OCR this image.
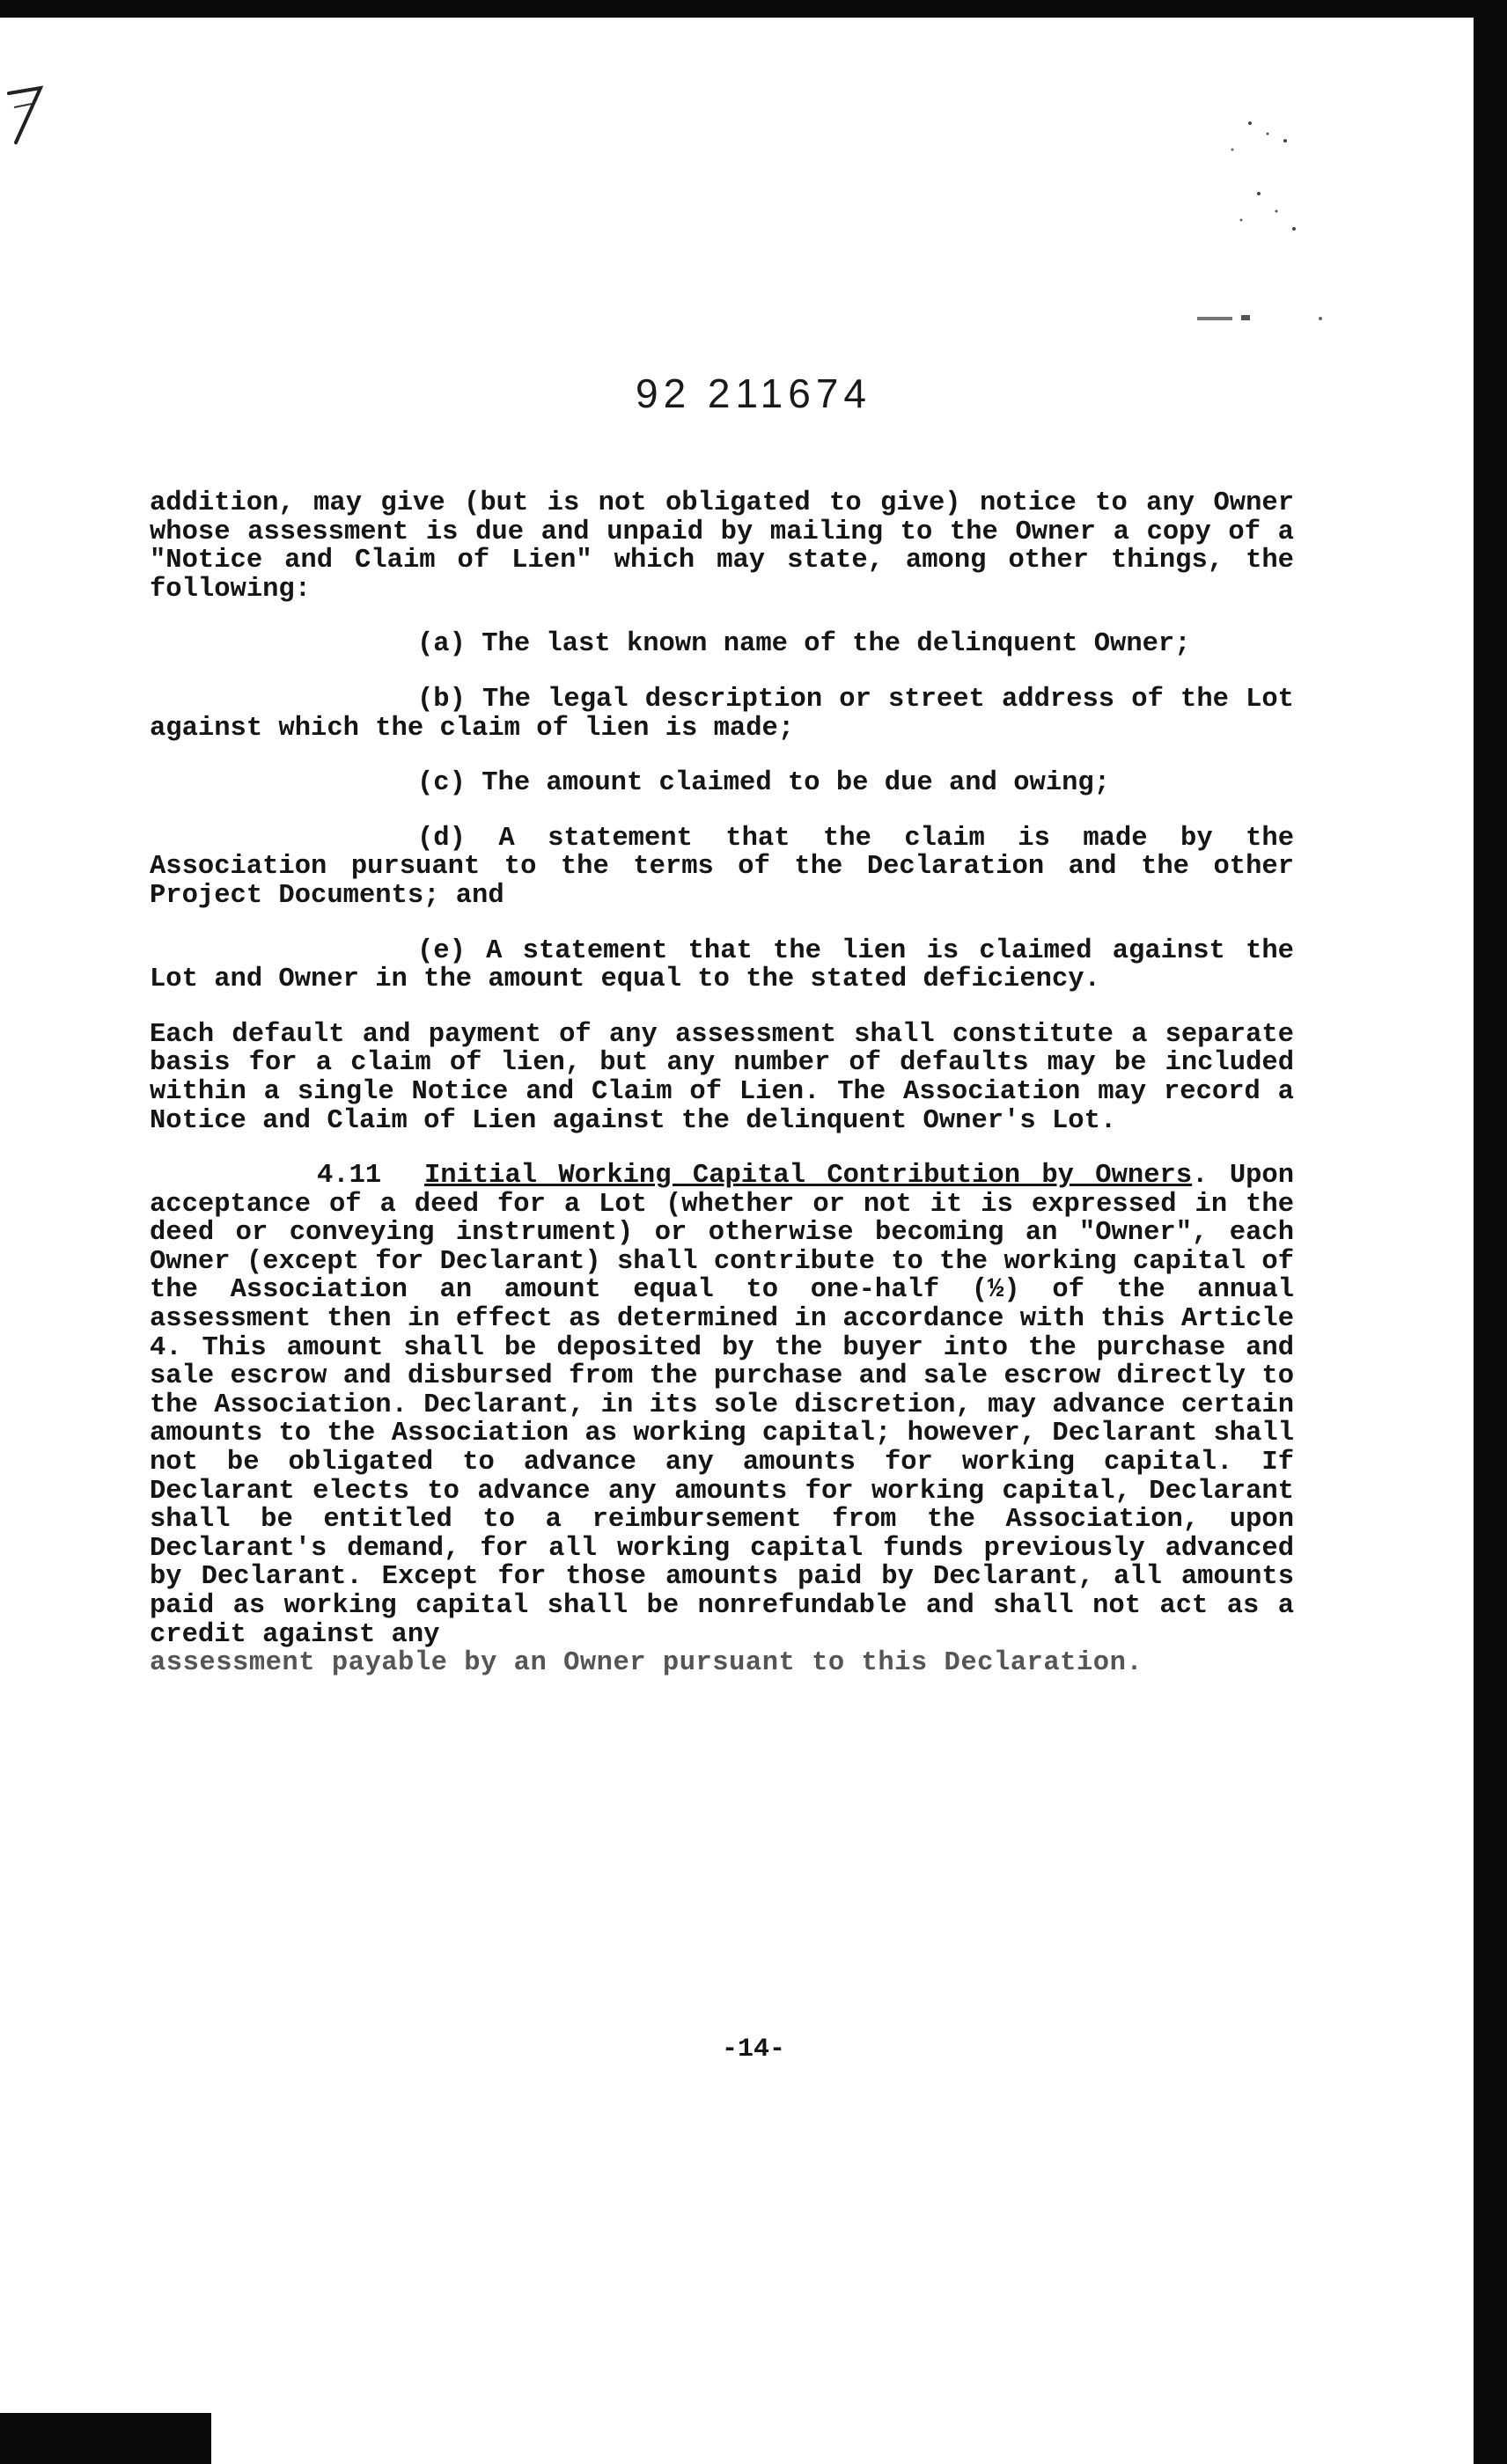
92 211674

addition, may give (but is not obligated to give) notice to any Owner whose assessment is due and unpaid by mailing to the Owner a copy of a "Notice and Claim of Lien" which may state, among other things, the following:

(a) The last known name of the delinquent Owner;

(b) The legal description or street address of the Lot against which the claim of lien is made;

(c) The amount claimed to be due and owing;

(d) A statement that the claim is made by the Association pursuant to the terms of the Declaration and the other Project Documents; and

(e) A statement that the lien is claimed against the Lot and Owner in the amount equal to the stated deficiency.

Each default and payment of any assessment shall constitute a separate basis for a claim of lien, but any number of defaults may be included within a single Notice and Claim of Lien. The Association may record a Notice and Claim of Lien against the delinquent Owner's Lot.

4.11 Initial Working Capital Contribution by Owners. Upon acceptance of a deed for a Lot (whether or not it is expressed in the deed or conveying instrument) or otherwise becoming an "Owner", each Owner (except for Declarant) shall contribute to the working capital of the Association an amount equal to one-half (½) of the annual assessment then in effect as determined in accordance with this Article 4. This amount shall be deposited by the buyer into the purchase and sale escrow and disbursed from the purchase and sale escrow directly to the Association. Declarant, in its sole discretion, may advance certain amounts to the Association as working capital; however, Declarant shall not be obligated to advance any amounts for working capital. If Declarant elects to advance any amounts for working capital, Declarant shall be entitled to a reimbursement from the Association, upon Declarant's demand, for all working capital funds previously advanced by Declarant. Except for those amounts paid by Declarant, all amounts paid as working capital shall be nonrefundable and shall not act as a credit against any

assessment payable by an Owner pursuant to this Declaration.

-14-
